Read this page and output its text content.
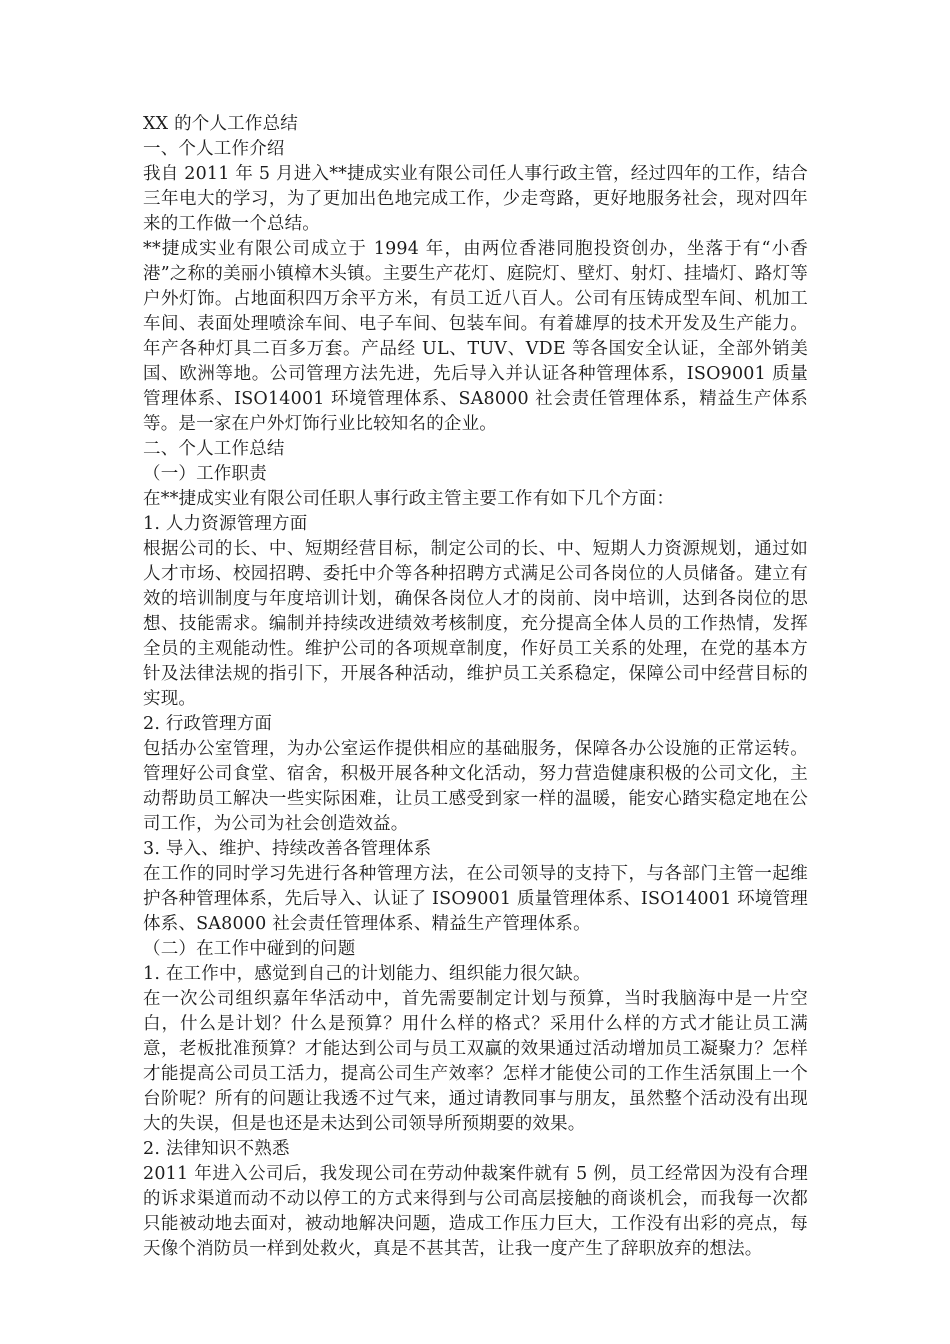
XX 的个人工作总结

一、个人工作介绍

我自 2011 年 5 月进入**捷成实业有限公司任人事行政主管，经过四年的工作，结合三年电大的学习，为了更加出色地完成工作，少走弯路，更好地服务社会，现对四年来的工作做一个总结。

**捷成实业有限公司成立于 1994 年，由两位香港同胞投资创办，坐落于有“小香港”之称的美丽小镇樟木头镇。主要生产花灯、庭院灯、壁灯、射灯、挂墙灯、路灯等户外灯饰。占地面积四万余平方米，有员工近八百人。公司有压铸成型车间、机加工车间、表面处理喷涂车间、电子车间、包装车间。有着雄厚的技术开发及生产能力。年产各种灯具二百多万套。产品经 UL、TUV、VDE 等各国安全认证，全部外销美国、欧洲等地。公司管理方法先进，先后导入并认证各种管理体系，ISO9001 质量管理体系、ISO14001 环境管理体系、SA8000 社会责任管理体系，精益生产体系等。是一家在户外灯饰行业比较知名的企业。

二、个人工作总结

（一）工作职责

在**捷成实业有限公司任职人事行政主管主要工作有如下几个方面：

1. 人力资源管理方面

根据公司的长、中、短期经营目标，制定公司的长、中、短期人力资源规划，通过如人才市场、校园招聘、委托中介等各种招聘方式满足公司各岗位的人员储备。建立有效的培训制度与年度培训计划，确保各岗位人才的岗前、岗中培训，达到各岗位的思想、技能需求。编制并持续改进绩效考核制度，充分提高全体人员的工作热情，发挥全员的主观能动性。维护公司的各项规章制度，作好员工关系的处理，在党的基本方针及法律法规的指引下，开展各种活动，维护员工关系稳定，保障公司中经营目标的实现。

2. 行政管理方面

包括办公室管理，为办公室运作提供相应的基础服务，保障各办公设施的正常运转。管理好公司食堂、宿舍，积极开展各种文化活动，努力营造健康积极的公司文化，主动帮助员工解决一些实际困难，让员工感受到家一样的温暖，能安心踏实稳定地在公司工作，为公司为社会创造效益。

3. 导入、维护、持续改善各管理体系

在工作的同时学习先进行各种管理方法，在公司领导的支持下，与各部门主管一起维护各种管理体系，先后导入、认证了 ISO9001 质量管理体系、ISO14001 环境管理体系、SA8000 社会责任管理体系、精益生产管理体系。

（二）在工作中碰到的问题

1. 在工作中，感觉到自己的计划能力、组织能力很欠缺。

在一次公司组织嘉年华活动中，首先需要制定计划与预算，当时我脑海中是一片空白，什么是计划？什么是预算？用什么样的格式？采用什么样的方式才能让员工满意，老板批准预算？才能达到公司与员工双赢的效果通过活动增加员工凝聚力？怎样才能提高公司员工活力，提高公司生产效率？怎样才能使公司的工作生活氛围上一个台阶呢？所有的问题让我透不过气来，通过请教同事与朋友，虽然整个活动没有出现大的失误，但是也还是未达到公司领导所预期要的效果。

2. 法律知识不熟悉

2011 年进入公司后，我发现公司在劳动仲裁案件就有 5 例，员工经常因为没有合理的诉求渠道而动不动以停工的方式来得到与公司高层接触的商谈机会，而我每一次都只能被动地去面对，被动地解决问题，造成工作压力巨大，工作没有出彩的亮点，每天像个消防员一样到处救火，真是不甚其苦，让我一度产生了辞职放弃的想法。
